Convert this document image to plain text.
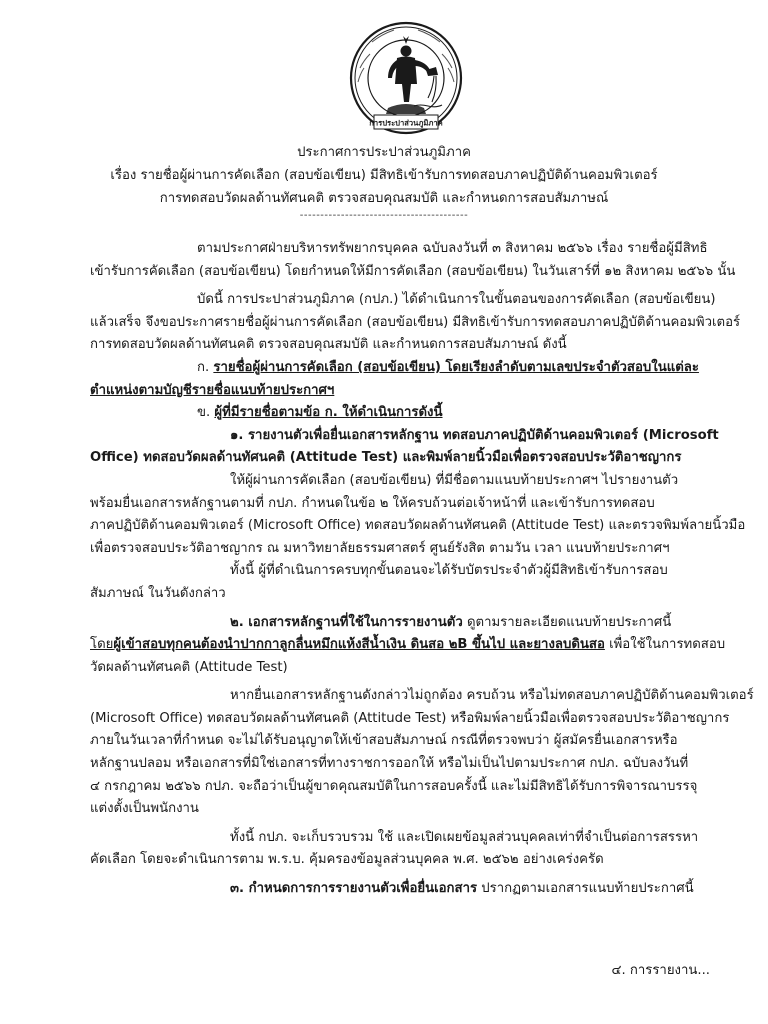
การประปาส่วนภูมิภาค
ประกาศการประปาส่วนภูมิภาค
เรื่อง รายชื่อผู้ผ่านการคัดเลือก (สอบข้อเขียน) มีสิทธิเข้ารับการทดสอบภาคปฏิบัติด้านคอมพิวเตอร์
การทดสอบวัดผลด้านทัศนคติ ตรวจสอบคุณสมบัติ และกำหนดการสอบสัมภาษณ์
-----------------------------------------
ตามประกาศฝ่ายบริหารทรัพยากรบุคคล ฉบับลงวันที่ ๓ สิงหาคม ๒๕๖๖ เรื่อง รายชื่อผู้มีสิทธิ
เข้ารับการคัดเลือก (สอบข้อเขียน) โดยกำหนดให้มีการคัดเลือก (สอบข้อเขียน) ในวันเสาร์ที่ ๑๒ สิงหาคม ๒๕๖๖ นั้น
บัดนี้ การประปาส่วนภูมิภาค (กปภ.) ได้ดำเนินการในขั้นตอนของการคัดเลือก (สอบข้อเขียน)
แล้วเสร็จ จึงขอประกาศรายชื่อผู้ผ่านการคัดเลือก (สอบข้อเขียน) มีสิทธิเข้ารับการทดสอบภาคปฏิบัติด้านคอมพิวเตอร์
การทดสอบวัดผลด้านทัศนคติ ตรวจสอบคุณสมบัติ และกำหนดการสอบสัมภาษณ์ ดังนี้
ก. รายชื่อผู้ผ่านการคัดเลือก (สอบข้อเขียน) โดยเรียงลำดับตามเลขประจำตัวสอบในแต่ละ
ตำแหน่งตามบัญชีรายชื่อแนบท้ายประกาศฯ
ข. ผู้ที่มีรายชื่อตามข้อ ก. ให้ดำเนินการดังนี้
๑. รายงานตัวเพื่อยื่นเอกสารหลักฐาน ทดสอบภาคปฏิบัติด้านคอมพิวเตอร์ (Microsoft
Office) ทดสอบวัดผลด้านทัศนคติ (Attitude Test) และพิมพ์ลายนิ้วมือเพื่อตรวจสอบประวัติอาชญากร
ให้ผู้ผ่านการคัดเลือก (สอบข้อเขียน) ที่มีชื่อตามแนบท้ายประกาศฯ ไปรายงานตัว
พร้อมยื่นเอกสารหลักฐานตามที่ กปภ. กำหนดในข้อ ๒ ให้ครบถ้วนต่อเจ้าหน้าที่ และเข้ารับการทดสอบ
ภาคปฏิบัติด้านคอมพิวเตอร์ (Microsoft Office) ทดสอบวัดผลด้านทัศนคติ (Attitude Test) และตรวจพิมพ์ลายนิ้วมือ
เพื่อตรวจสอบประวัติอาชญากร ณ มหาวิทยาลัยธรรมศาสตร์ ศูนย์รังสิต ตามวัน เวลา แนบท้ายประกาศฯ
ทั้งนี้ ผู้ที่ดำเนินการครบทุกขั้นตอนจะได้รับบัตรประจำตัวผู้มีสิทธิเข้ารับการสอบ
สัมภาษณ์ ในวันดังกล่าว
๒. เอกสารหลักฐานที่ใช้ในการรายงานตัว ดูตามรายละเอียดแนบท้ายประกาศนี้
โดยผู้เข้าสอบทุกคนต้องนำปากกาลูกลื่นหมึกแห้งสีน้ำเงิน ดินสอ ๒B ขึ้นไป และยางลบดินสอ เพื่อใช้ในการทดสอบ
วัดผลด้านทัศนคติ (Attitude Test)
หากยื่นเอกสารหลักฐานดังกล่าวไม่ถูกต้อง ครบถ้วน หรือไม่ทดสอบภาคปฏิบัติด้านคอมพิวเตอร์
(Microsoft Office) ทดสอบวัดผลด้านทัศนคติ (Attitude Test) หรือพิมพ์ลายนิ้วมือเพื่อตรวจสอบประวัติอาชญากร
ภายในวันเวลาที่กำหนด จะไม่ได้รับอนุญาตให้เข้าสอบสัมภาษณ์ กรณีที่ตรวจพบว่า ผู้สมัครยื่นเอกสารหรือ
หลักฐานปลอม หรือเอกสารที่มิใช่เอกสารที่ทางราชการออกให้ หรือไม่เป็นไปตามประกาศ กปภ. ฉบับลงวันที่
๔ กรกฎาคม ๒๕๖๖ กปภ. จะถือว่าเป็นผู้ขาดคุณสมบัติในการสอบครั้งนี้ และไม่มีสิทธิได้รับการพิจารณาบรรจุ
แต่งตั้งเป็นพนักงาน
ทั้งนี้ กปภ. จะเก็บรวบรวม ใช้ และเปิดเผยข้อมูลส่วนบุคคลเท่าที่จำเป็นต่อการสรรหา
คัดเลือก โดยจะดำเนินการตาม พ.ร.บ. คุ้มครองข้อมูลส่วนบุคคล พ.ศ. ๒๕๖๒ อย่างเคร่งครัด
๓. กำหนดการการรายงานตัวเพื่อยื่นเอกสาร ปรากฏตามเอกสารแนบท้ายประกาศนี้
๔. การรายงาน...
